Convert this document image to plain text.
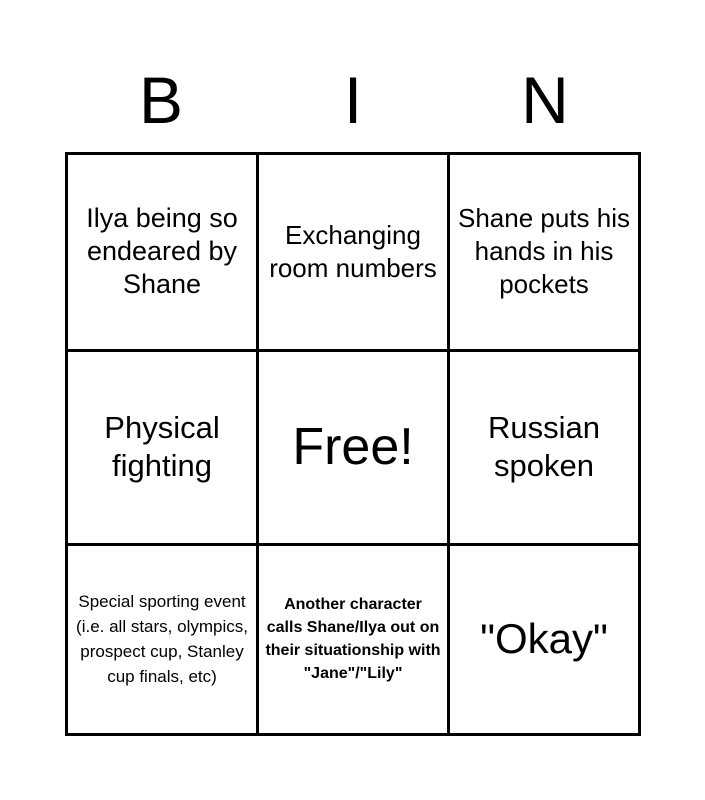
B	I	N
Ilya being so endeared by Shane
Exchanging room numbers
Shane puts his hands in his pockets
Physical fighting	Free!	Russian spoken
Special sporting event (i.e. all stars, olympics, prospect cup, Stanley cup finals, etc)
Another character calls Shane/Ilya out on their situationship with "Jane"/"Lily"
"Okay"
